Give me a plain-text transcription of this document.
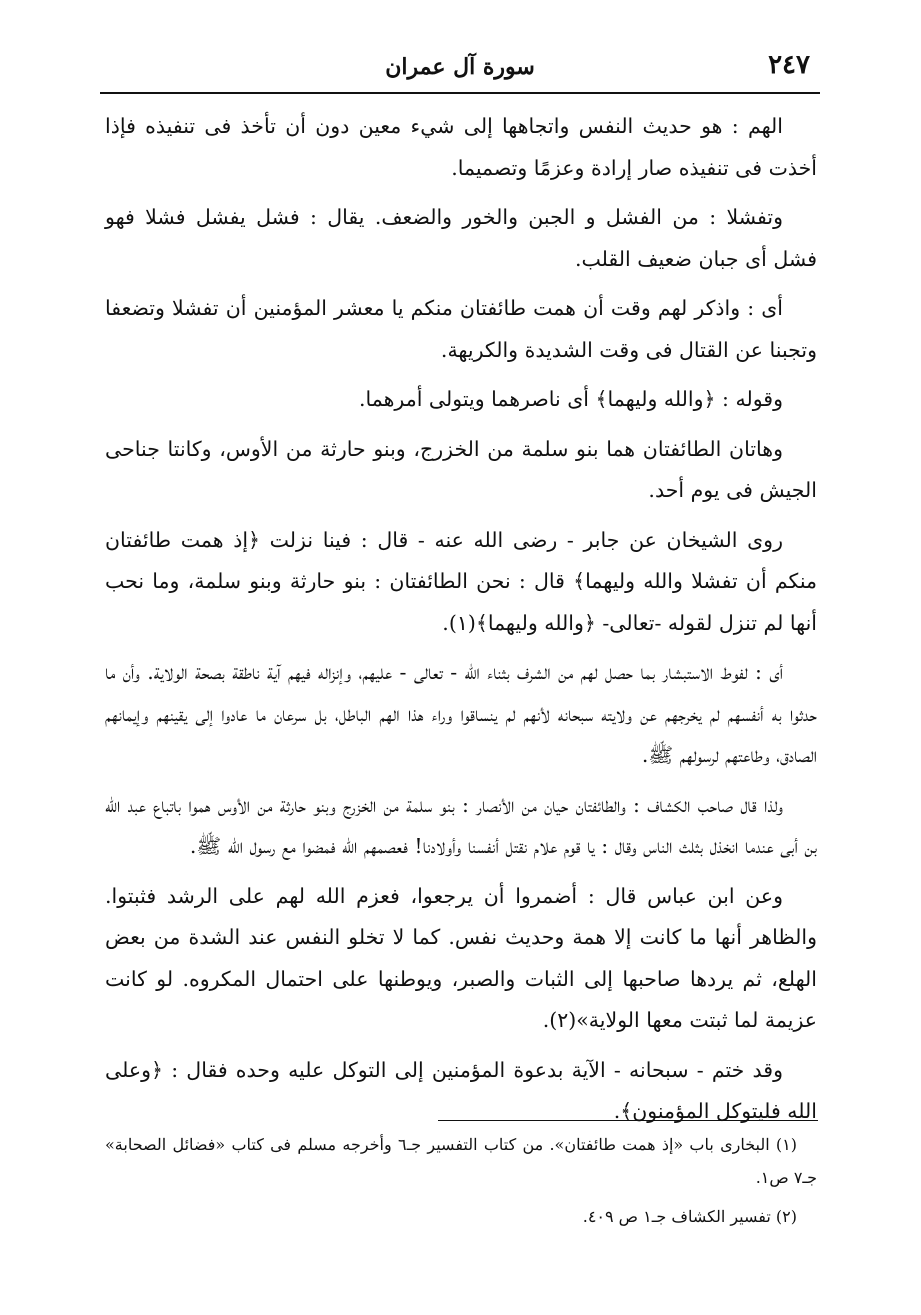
٢٤٧
سورة آل عمران

الهم : هو حديث النفس واتجاهها إلى شيء معين دون أن تأخذ فى تنفيذه فإذا أخذت فى تنفيذه صار إرادة وعزمًا وتصميما.

وتفشلا : من الفشل و الجبن والخور والضعف. يقال : فشل يفشل فشلا فهو فشل أى جبان ضعيف القلب.

أى : واذكر لهم وقت أن همت طائفتان منكم يا معشر المؤمنين أن تفشلا وتضعفا وتجبنا عن القتال فى وقت الشديدة والكريهة.

وقوله : ﴿والله وليهما﴾ أى ناصرهما ويتولى أمرهما.

وهاتان الطائفتان هما بنو سلمة من الخزرج، وبنو حارثة من الأوس، وكانتا جناحى الجيش فى يوم أحد.

روى الشيخان عن جابر - رضى الله عنه - قال : فينا نزلت ﴿إذ همت طائفتان منكم أن تفشلا والله وليهما﴾ قال : نحن الطائفتان : بنو حارثة وبنو سلمة، وما نحب أنها لم تنزل لقوله -تعالى- ﴿والله وليهما﴾(١).

أى : لفوط الاستبشار بما حصل لهم من الشرف بثناء الله - تعالى - عليهم، وإنزاله فيهم آية ناطقة بصحة الولاية. وأن ما حدثوا به أنفسهم لم يخرجهم عن ولايته سبحانه لأنهم لم ينساقوا وراء هذا الهم الباطل، بل سرعان ما عادوا إلى يقينهم وإيمانهم الصادق، وطاعتهم لرسولهم ﷺ.

ولذا قال صاحب الكشاف : والطائفتان حيان من الأنصار : بنو سلمة من الخزرج وبنو حارثة من الأوس هموا باتباع عبد الله بن أبى عندما انخذل بثلث الناس وقال : يا قوم علام نقتل أنفسنا وأولادنا! فعصمهم الله فمضوا مع رسول الله ﷺ.

وعن ابن عباس قال : أضمروا أن يرجعوا، فعزم الله لهم على الرشد فثبتوا. والظاهر أنها ما كانت إلا همة وحديث نفس. كما لا تخلو النفس عند الشدة من بعض الهلع، ثم يردها صاحبها إلى الثبات والصبر، ويوطنها على احتمال المكروه. لو كانت عزيمة لما ثبتت معها الولاية»(٢).

وقد ختم - سبحانه - الآية بدعوة المؤمنين إلى التوكل عليه وحده فقال : ﴿وعلى الله فليتوكل المؤمنون﴾.

(١) البخارى باب «إذ همت طائفتان». من كتاب التفسير جـ٦ وأخرجه مسلم فى كتاب «فضائل الصحابة» جـ٧ ص١.

(٢) تفسير الكشاف جـ١ ص ٤٠٩.
